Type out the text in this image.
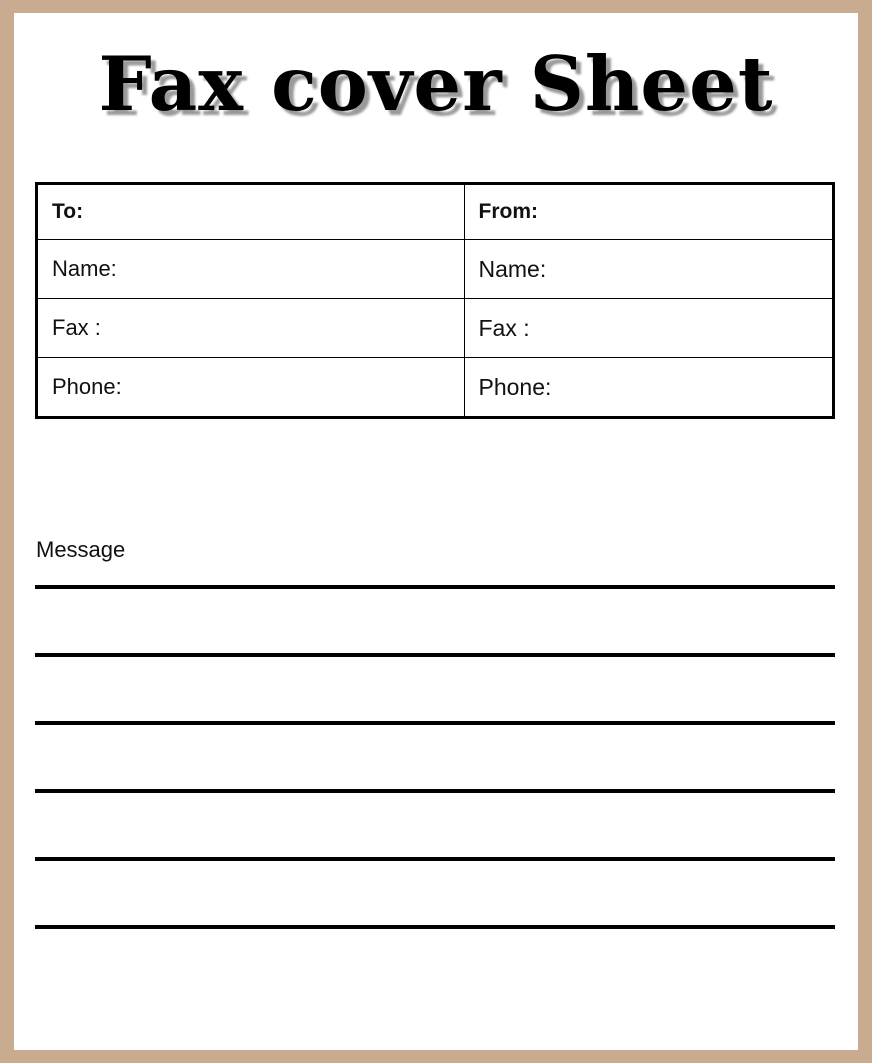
Fax cover Sheet
To:	From:
Name:	Name:
Fax :	Fax :
Phone:	Phone:
Message
